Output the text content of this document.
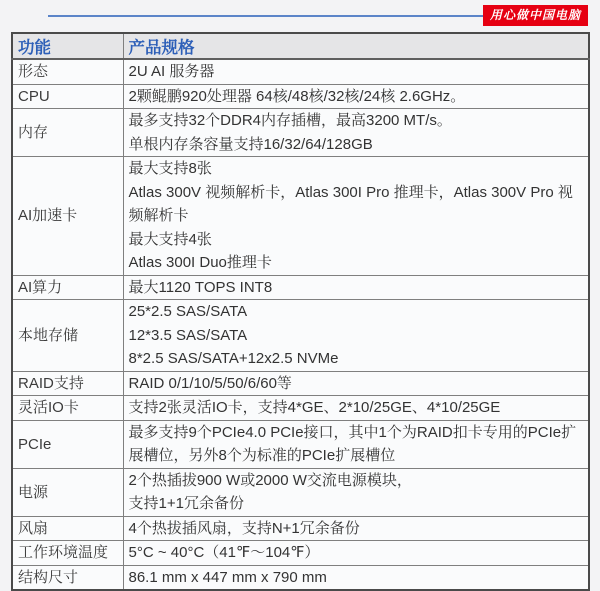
用心做中国电脑
功能	产品规格
形态	2U AI 服务器

CPU	2颗鲲鹏920处理器 64核/48核/32核/24核 2.6GHz。

内存	最多支持32个DDR4内存插槽，最高3200 MT/s。
单根内存条容量支持16/32/64/128GB

AI加速卡	最大支持8张
Atlas 300V 视频解析卡，Atlas 300I Pro 推理卡，Atlas 300V Pro 视频解析卡
最大支持4张
Atlas 300I Duo推理卡

AI算力	最大1120 TOPS INT8

本地存储	25*2.5 SAS/SATA
12*3.5 SAS/SATA
8*2.5 SAS/SATA+12x2.5 NVMe

RAID支持	RAID 0/1/10/5/50/6/60等

灵活IO卡	支持2张灵活IO卡，支持4*GE、2*10/25GE、4*10/25GE

PCIe	最多支持9个PCIe4.0 PCIe接口，其中1个为RAID扣卡专用的PCIe扩展槽位，另外8个为标准的PCIe扩展槽位

电源	2个热插拔900 W或2000 W交流电源模块，
支持1+1冗余备份

风扇	4个热拔插风扇，支持N+1冗余备份

工作环境温度	5°C ~ 40°C（41℉～104℉）

结构尺寸	86.1 mm x 447 mm x 790 mm
